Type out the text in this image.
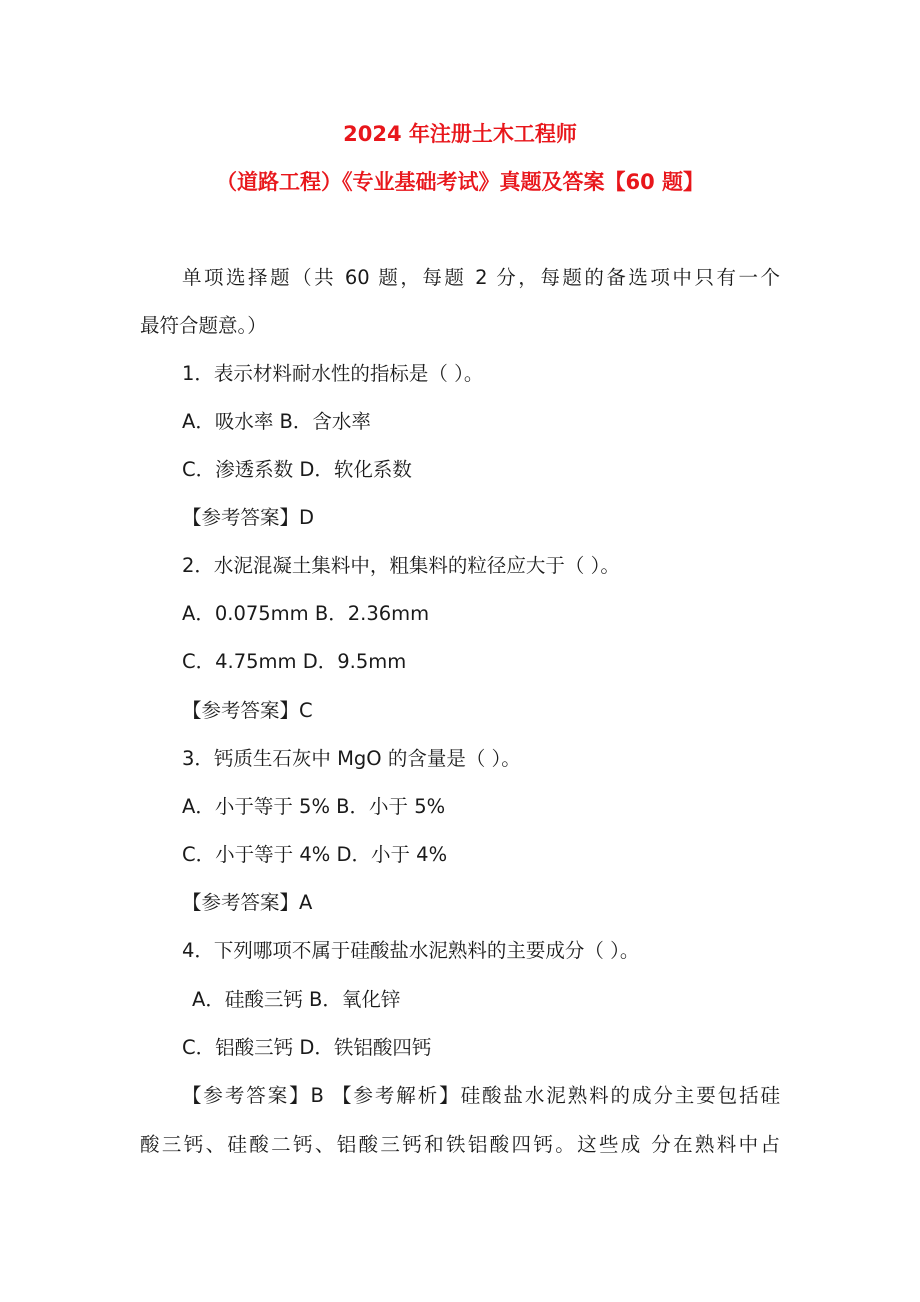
2024 年注册土木工程师
（道路工程）《专业基础考试》真题及答案【60 题】
单项选择题（共 60 题，每题 2 分，每题的备选项中只有一个
最符合题意。）
1．表示材料耐水性的指标是（ ）。
A．吸水率 B．含水率
C．渗透系数 D．软化系数
【参考答案】D
2．水泥混凝土集料中，粗集料的粒径应大于（ ）。
A．0.075mm B．2.36mm
C．4.75mm D．9.5mm
【参考答案】C
3．钙质生石灰中 MgO 的含量是（ ）。
A．小于等于 5% B．小于 5%
C．小于等于 4% D．小于 4%
【参考答案】A
4．下列哪项不属于硅酸盐水泥熟料的主要成分（ ）。
A．硅酸三钙 B．氧化锌
C．铝酸三钙 D．铁铝酸四钙
【参考答案】B 【参考解析】硅酸盐水泥熟料的成分主要包括硅
酸三钙、硅酸二钙、铝酸三钙和铁铝酸四钙。这些成 分在熟料中占
